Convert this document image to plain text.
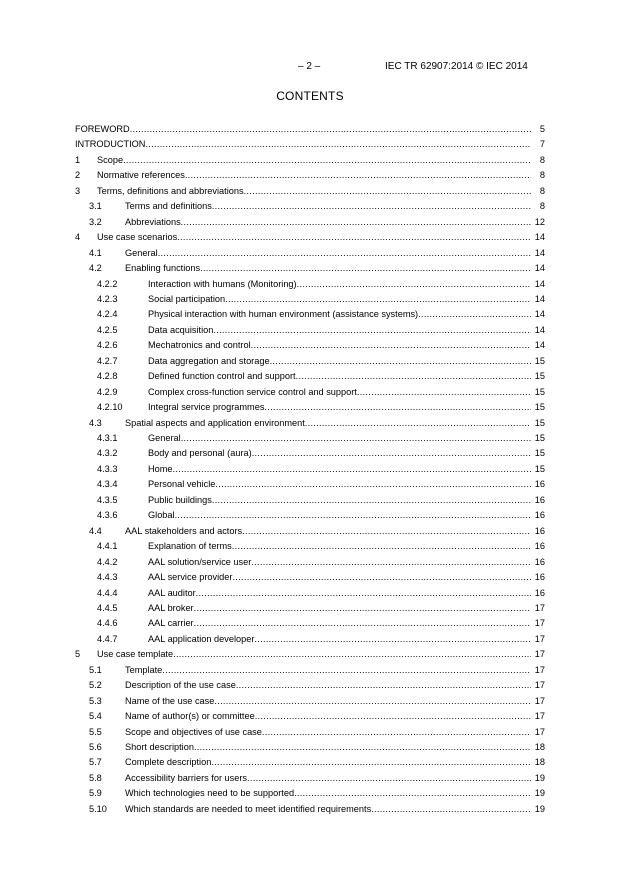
– 2 –	IEC TR 62907:2014 © IEC 2014
CONTENTS
FOREWORD .....	5
INTRODUCTION .....	7
1 Scope .....	8
2 Normative references .....	8
3 Terms, definitions and abbreviations .....	8
3.1	Terms and definitions .....	8
3.2	Abbreviations .....	12
4 Use case scenarios .....	14
4.1	General .....	14
4.2	Enabling functions .....	14
4.2.2	Interaction with humans (Monitoring) .....	14
4.2.3	Social participation .....	14
4.2.4	Physical interaction with human environment (assistance systems) .....	14
4.2.5	Data acquisition .....	14
4.2.6	Mechatronics and control .....	14
4.2.7	Data aggregation and storage .....	15
4.2.8	Defined function control and support .....	15
4.2.9	Complex cross-function service control and support .....	15
4.2.10	Integral service programmes .....	15
4.3	Spatial aspects and application environment .....	15
4.3.1	General .....	15
4.3.2	Body and personal (aura) .....	15
4.3.3	Home .....	15
4.3.4	Personal vehicle .....	16
4.3.5	Public buildings .....	16
4.3.6	Global .....	16
4.4	AAL stakeholders and actors .....	16
4.4.1	Explanation of terms .....	16
4.4.2	AAL solution/service user .....	16
4.4.3	AAL service provider .....	16
4.4.4	AAL auditor .....	16
4.4.5	AAL broker .....	17
4.4.6	AAL carrier .....	17
4.4.7	AAL application developer .....	17
5 Use case template .....	17
5.1	Template .....	17
5.2	Description of the use case .....	17
5.3	Name of the use case .....	17
5.4	Name of author(s) or committee .....	17
5.5	Scope and objectives of use case .....	17
5.6	Short description .....	18
5.7	Complete description .....	18
5.8	Accessibility barriers for users .....	19
5.9	Which technologies need to be supported .....	19
5.10 Which standards are needed to meet identified requirements .....	19
